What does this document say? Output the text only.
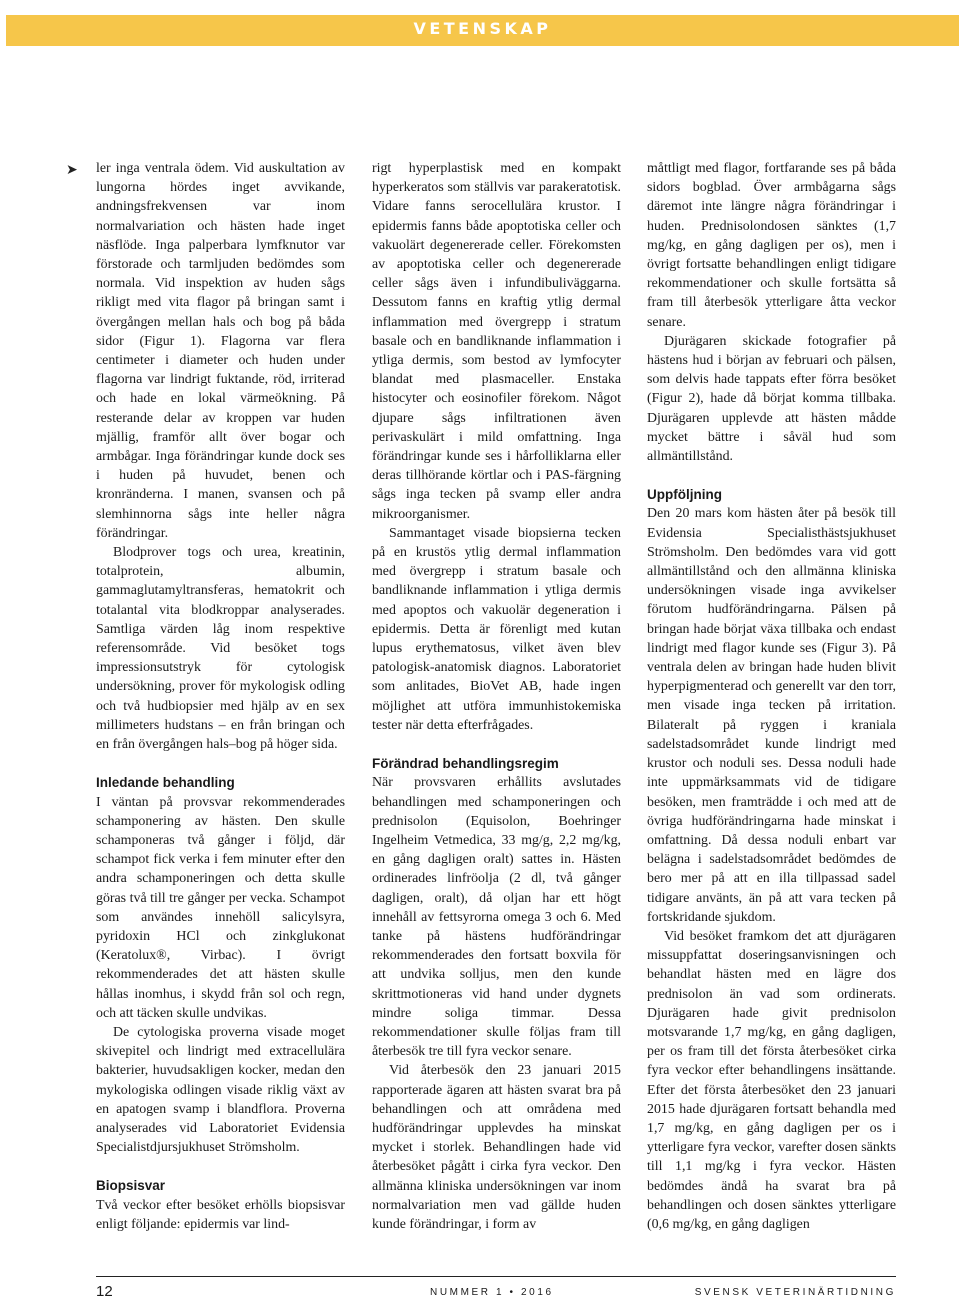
VETENSKAP
➤ ler inga ventrala ödem. Vid auskultation av lungorna hördes inget avvikande, andningsfrekvensen var inom normalvariation och hästen hade inget näsflöde. Inga palperbara lymfknutor var förstorade och tarmljuden bedömdes som normala. Vid inspektion av huden sågs rikligt med vita flagor på bringan samt i övergången mellan hals och bog på båda sidor (Figur 1). Flagorna var flera centimeter i diameter och huden under flagorna var lindrigt fuktande, röd, irriterad och hade en lokal värmeökning. På resterande delar av kroppen var huden mjällig, framför allt över bogar och armbågar. Inga förändringar kunde dock ses i huden på huvudet, benen och kronränderna. I manen, svansen och på slemhinnorna sågs inte heller några förändringar.

Blodprover togs och urea, kreatinin, totalprotein, albumin, gammaglutamyltransferas, hematokrit och totalantal vita blodkroppar analyserades. Samtliga värden låg inom respektive referensområde. Vid besöket togs impressionsutstryk för cytologisk undersökning, prover för mykologisk odling och två hudbiopsier med hjälp av en sex millimeters hudstans – en från bringan och en från övergången hals–bog på höger sida.

Inledande behandling

I väntan på provsvar rekommenderades schamponering av hästen. Den skulle schamponeras två gånger i följd, där schampot fick verka i fem minuter efter den andra schamponeringen och detta skulle göras två till tre gånger per vecka. Schampot som användes innehöll salicylsyra, pyridoxin HCl och zinkglukonat (Keratolux®, Virbac). I övrigt rekommenderades det att hästen skulle hållas inomhus, i skydd från sol och regn, och att täcken skulle undvikas.

De cytologiska proverna visade moget skivepitel och lindrigt med extracellulära bakterier, huvudsakligen kocker, medan den mykologiska odlingen visade riklig växt av en apatogen svamp i blandflora. Proverna analyserades vid Laboratoriet Evidensia Specialistdjursjukhuset Strömsholm.

Biopsisvar

Två veckor efter besöket erhölls biopsisvar enligt följande: epidermis var lind-

rigt hyperplastisk med en kompakt hyperkeratos som ställvis var parakeratotisk. Vidare fanns serocellulära krustor. I epidermis fanns både apoptotiska celler och vakuolärt degenererade celler. Förekomsten av apoptotiska celler och degenererade celler sågs även i infundibuliväggarna. Dessutom fanns en kraftig ytlig dermal inflammation med övergrepp i stratum basale och en bandliknande inflammation i ytliga dermis, som bestod av lymfocyter blandat med plasmaceller. Enstaka histocyter och eosinofiler förekom. Något djupare sågs infiltrationen även perivaskulärt i mild omfattning. Inga förändringar kunde ses i hårfolliklarna eller deras tillhörande körtlar och i PAS-färgning sågs inga tecken på svamp eller andra mikroorganismer.

Sammantaget visade biopsierna tecken på en krustös ytlig dermal inflammation med övergrepp i stratum basale och bandliknande inflammation i ytliga dermis med apoptos och vakuolär degeneration i epidermis. Detta är förenligt med kutan lupus erythematosus, vilket även blev patologisk-anatomisk diagnos. Laboratoriet som anlitades, BioVet AB, hade ingen möjlighet att utföra immunhistokemiska tester när detta efterfrågades.

Förändrad behandlingsregim

När provsvaren erhållits avslutades behandlingen med schamponeringen och prednisolon (Equisolon, Boehringer Ingelheim Vetmedica, 33 mg/g, 2,2 mg/kg, en gång dagligen oralt) sattes in. Hästen ordinerades linfröolja (2 dl, två gånger dagligen, oralt), då oljan har ett högt innehåll av fettsyrorna omega 3 och 6. Med tanke på hästens hudförändringar rekommenderades den fortsatt boxvila för att undvika solljus, men den kunde skrittmotioneras vid hand under dygnets mindre soliga timmar. Dessa rekommendationer skulle följas fram till återbesök tre till fyra veckor senare.

Vid återbesök den 23 januari 2015 rapporterade ägaren att hästen svarat bra på behandlingen och att områdena med hudförändringar upplevdes ha minskat mycket i storlek. Behandlingen hade vid återbesöket pågått i cirka fyra veckor. Den allmänna kliniska undersökningen var inom normalvariation men vad gällde huden kunde förändringar, i form av

måttligt med flagor, fortfarande ses på båda sidors bogblad. Över armbågarna sågs däremot inte längre några förändringar i huden. Prednisolondosen sänktes (1,7 mg/kg, en gång dagligen per os), men i övrigt fortsatte behandlingen enligt tidigare rekommendationer och skulle fortsätta så fram till återbesök ytterligare åtta veckor senare.

Djurägaren skickade fotografier på hästens hud i början av februari och pälsen, som delvis hade tappats efter förra besöket (Figur 2), hade då börjat komma tillbaka. Djurägaren upplevde att hästen mådde mycket bättre i såväl hud som allmäntillstånd.

Uppföljning

Den 20 mars kom hästen åter på besök till Evidensia Specialisthästsjukhuset Strömsholm. Den bedömdes vara vid gott allmäntillstånd och den allmänna kliniska undersökningen visade inga avvikelser förutom hudförändringarna. Pälsen på bringan hade börjat växa tillbaka och endast lindrigt med flagor kunde ses (Figur 3). På ventrala delen av bringan hade huden blivit hyperpigmenterad och generellt var den torr, men visade inga tecken på irritation. Bilateralt på ryggen i kraniala sadelstadsområdet kunde lindrigt med krustor och noduli ses. Dessa noduli hade inte uppmärksammats vid de tidigare besöken, men framträdde i och med att de övriga hudförändringarna hade minskat i omfattning. Då dessa noduli enbart var belägna i sadelstadsområdet bedömdes de bero mer på att en illa tillpassad sadel tidigare använts, än på att vara tecken på fortskridande sjukdom.

Vid besöket framkom det att djurägaren missuppfattat doseringsanvisningen och behandlat hästen med en lägre dos prednisolon än vad som ordinerats. Djurägaren hade givit prednisolon motsvarande 1,7 mg/kg, en gång dagligen, per os fram till det första återbesöket cirka fyra veckor efter behandlingens insättande. Efter det första återbesöket den 23 januari 2015 hade djurägaren fortsatt behandla med 1,7 mg/kg, en gång dagligen per os i ytterligare fyra veckor, varefter dosen sänkts till 1,1 mg/kg i fyra veckor. Hästen bedömdes ändå ha svarat bra på behandlingen och dosen sänktes ytterligare (0,6 mg/kg, en gång dagligen

12	NUMMER 1 • 2016	SVENSK VETERINÄRTIDNING
